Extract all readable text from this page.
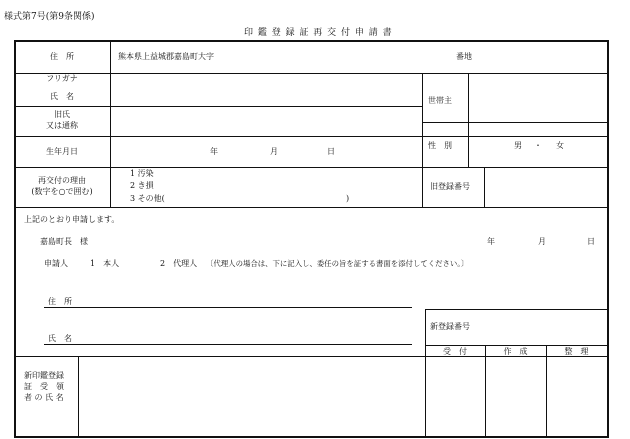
様式第7号(第9条関係)
印 鑑 登 録 証 再 交 付 申 請 書
住　所	熊本県上益城郡嘉島町大字	番地
フリガナ
氏　名	世帯主
旧氏
又は通称
生年月日	年	月	日
性　別	男 ・ 女
再交付の理由
(数字を○で囲む)
1 汚染
2 き損
3 その他(	)
旧登録番号
上記のとおり申請します。
嘉島町長　様	年	月	日
申請人	1　本人	2　代理人 〔代理人の場合は、下に記入し、委任の旨を証する書面を添付してください。〕
住　所
氏　名
新登録番号
受　付	作　成	整　理
新印鑑登録
証　受　領
者 の 氏 名
